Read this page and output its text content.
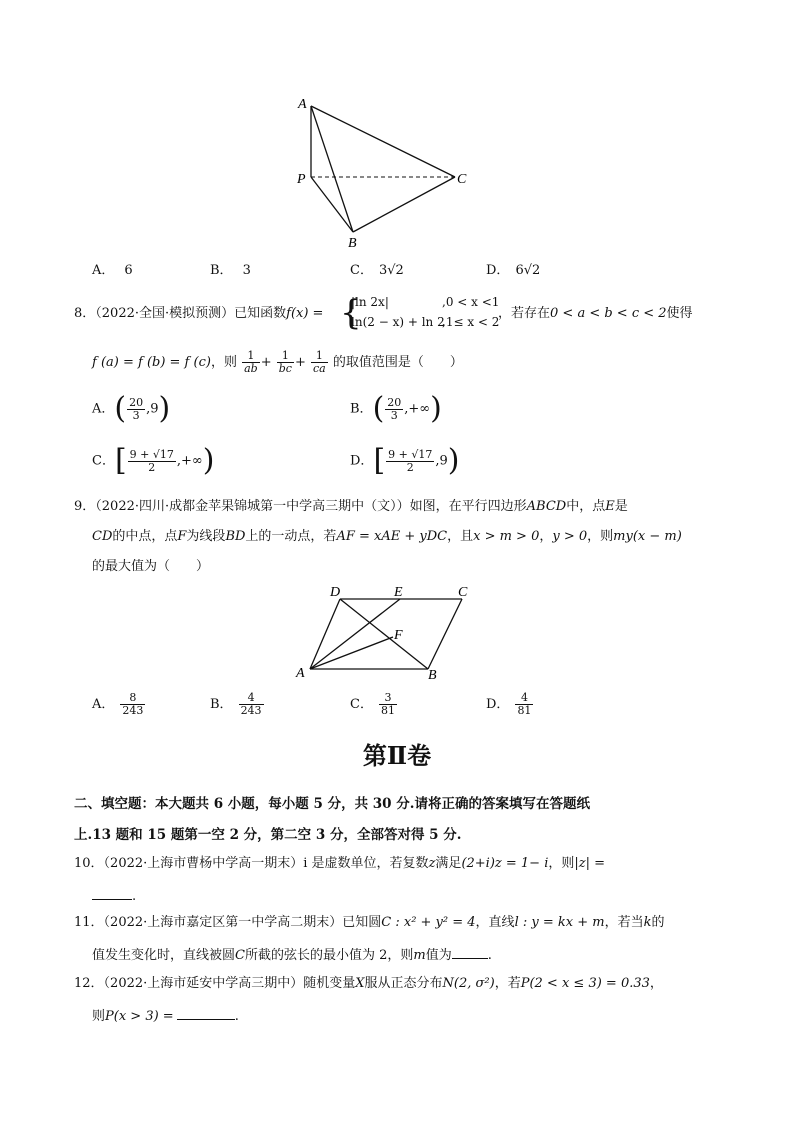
A
P	C
B
A． 6	B． 3	C． 3√2	D． 6√2
8．（2022·全国·模拟预测）已知函数f(x) = {
|ln 2x|	,0 < x <1
ln(2 − x) + ln 2
,1≤ x < 2
，若存在0 < a < b < c < 2使得
f (a) = f (b) = f (c)，则 $\frac{1}{ab} + \frac{1}{bc} + \frac{1}{ca}$ 的取值范围是（　　）
A．( $\frac{20}{3} ,9$)	B．( $\frac{20}{3}$ ,+∞)
C．[ $\frac{9 + √17}{2}$ ,+∞)	D．[ $\frac{9 + √17}{2} ,9$)
9．（2022·四川·成都金苹果锦城第一中学高三期中（文））如图，在平行四边形ABCD中，点E是
CD的中点，点F为线段BD上的一动点，若AF = xAE + yDC，且x > m > 0，y > 0，则my(x − m)
的最大值为（　　）
D	E	C
F
A	B
A． $\frac{8}{243}$	B． $\frac{4}{243}$	C． $\frac{3}{81}$	D． $\frac{4}{81}$
第Ⅱ卷
二、填空题：本大题共 6 小题，每小题 5 分，共 30 分.请将正确的答案填写在答题纸
上.13 题和 15 题第一空 2 分，第二空 3 分，全部答对得 5 分.
10．（2022·上海市曹杨中学高一期末）i 是虚数单位，若复数z满足(2+i)z = 1− i，则|z| =
.
11．（2022·上海市嘉定区第一中学高二期末）已知圆C : x² + y² = 4，直线l : y = kx + m，若当k的
值发生变化时，直线被圆C所截的弦长的最小值为 2，则m值为	.
12．（2022·上海市延安中学高三期中）随机变量X服从正态分布N(2, σ²)，若P(2 < x ≤ 3) = 0.33，
则P(x > 3) =	.
